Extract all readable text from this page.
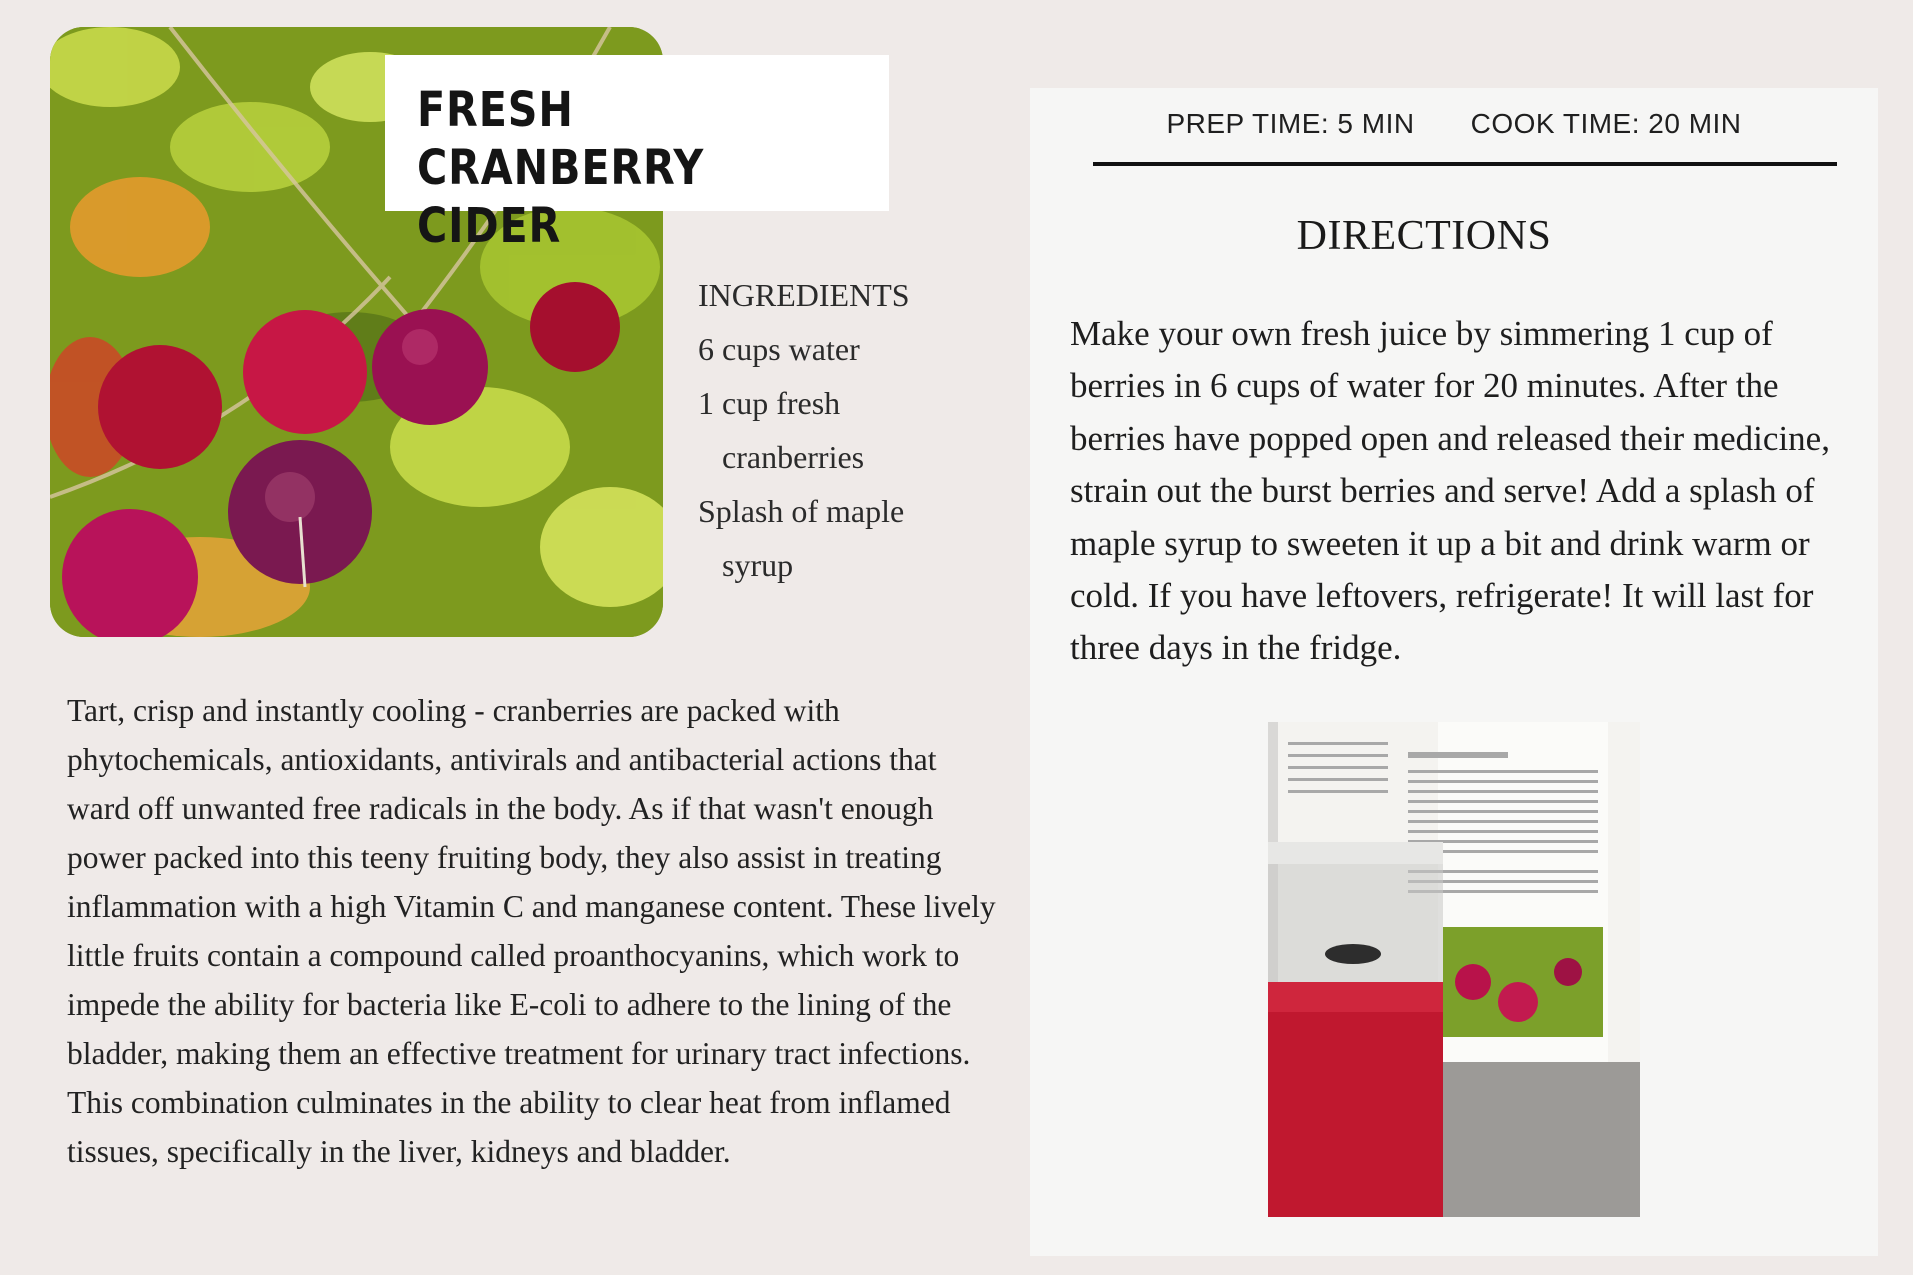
FRESH CRANBERRY
CIDER
INGREDIENTS
6 cups water
1 cup fresh cranberries
Splash of maple syrup
Tart, crisp and instantly cooling - cranberries are packed with phytochemicals, antioxidants, antivirals and antibacterial actions that ward off unwanted free radicals in the body. As if that wasn't enough power packed into this teeny fruiting body, they also assist in treating inflammation with a high Vitamin C and manganese content. These lively little fruits contain a compound called proanthocyanins, which work to impede the ability for bacteria like E-coli to adhere to the lining of the bladder, making them an effective treatment for urinary tract infections. This combination culminates in the ability to clear heat from inflamed tissues, specifically in the liver, kidneys and bladder.
PREP TIME: 5 MIN COOK TIME: 20 MIN
DIRECTIONS
Make your own fresh juice by simmering 1 cup of berries in 6 cups of water for 20 minutes. After the berries have popped open and released their medicine, strain out the burst berries and serve! Add a splash of maple syrup to sweeten it up a bit and drink warm or cold. If you have leftovers, refrigerate! It will last for three days in the fridge.
